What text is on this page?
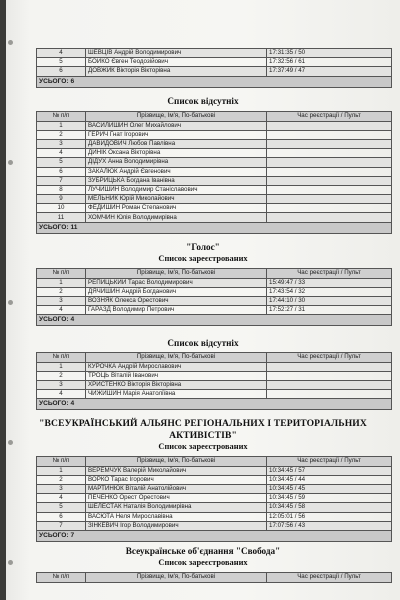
4	ШЕВЦІВ Андрій Володимирович	17:31:35 / 50
5	БОЙКО Євген Теодозійович	17:32:56 / 61
6	ДОВЖИК Вікторія Вікторівна	17:37:49 / 47
УСЬОГО: 6		
Список відсутніх
№ п/п	Прізвище, Ім'я, По-батькові	Час реєстрації / Пульт
1	ВАСИЛИШИН Олег Михайлович	
2	ГЕРИЧ Гнат Ігорович	
3	ДАВИДОВИЧ Любов Павлівна	
4	ДИНІК Оксана Вікторівна	
5	ДІДУХ Анна Володимирівна	
6	ЗАКАЛЮК Андрій Євгенович	
7	ЗУБРИЦЬКА Богдана Іванівна	
8	ЛУЧИШИН Володимир Станіславович	
9	МЕЛЬНИК Юрій Миколайович	
10	ФЕДИШИН Роман Степанович	
11	ХОМЧИН Юлія Володимирівна	
УСЬОГО: 11		
"Голос"
Список зареєстрованих
№ п/п	Прізвище, Ім'я, По-батькові	Час реєстрації / Пульт
1	РЕПИЦЬКИЙ Тарас Володимирович	15:49:47 / 33
2	ДЯЧИШИН Андрій Богданович	17:43:54 / 32
3	ВОЗНЯК Олекса Орестович	17:44:10 / 30
4	ГАРАЗД Володимир Петрович	17:52:27 / 31
УСЬОГО: 4		
Список відсутніх
№ п/п	Прізвище, Ім'я, По-батькові	Час реєстрації / Пульт
1	КУРОЧКА Андрій Мирославович	
2	ТРОЦЬ Віталій Іванович	
3	ХРИСТЕНКО Вікторія Вікторівна	
4	ЧИЖИШИН Марія Анатоліївна	
УСЬОГО: 4		
"ВСЕУКРАЇНСЬКИЙ АЛЬЯНС РЕГІОНАЛЬНИХ І ТЕРИТОРІАЛЬНИХ
АКТИВІСТІВ"
Список зареєстрованих
№ п/п	Прізвище, Ім'я, По-батькові	Час реєстрації / Пульт
1	ВЕРЕМЧУК Валерій Миколайович	10:34:45 / 57
2	ВОРКО Тарас Ігорович	10:34:45 / 44
3	МАРТИНЮК Віталій Анатолійович	10:34:45 / 45
4	ПЕЧЕНКО Орест Орестович	10:34:45 / 59
5	ШЕЛЕСТАК Наталія Володимирівна	10:34:45 / 58
6	ВАСЮТА Неля Мирославівна	12:05:01 / 56
7	ЗІНКЕВИЧ Ігор Володимирович	17:07:56 / 43
УСЬОГО: 7		
Всеукраїнське об'єднання "Свобода"
Список зареєстрованих
№ п/п	Прізвище, Ім'я, По-батькові	Час реєстрації / Пульт
